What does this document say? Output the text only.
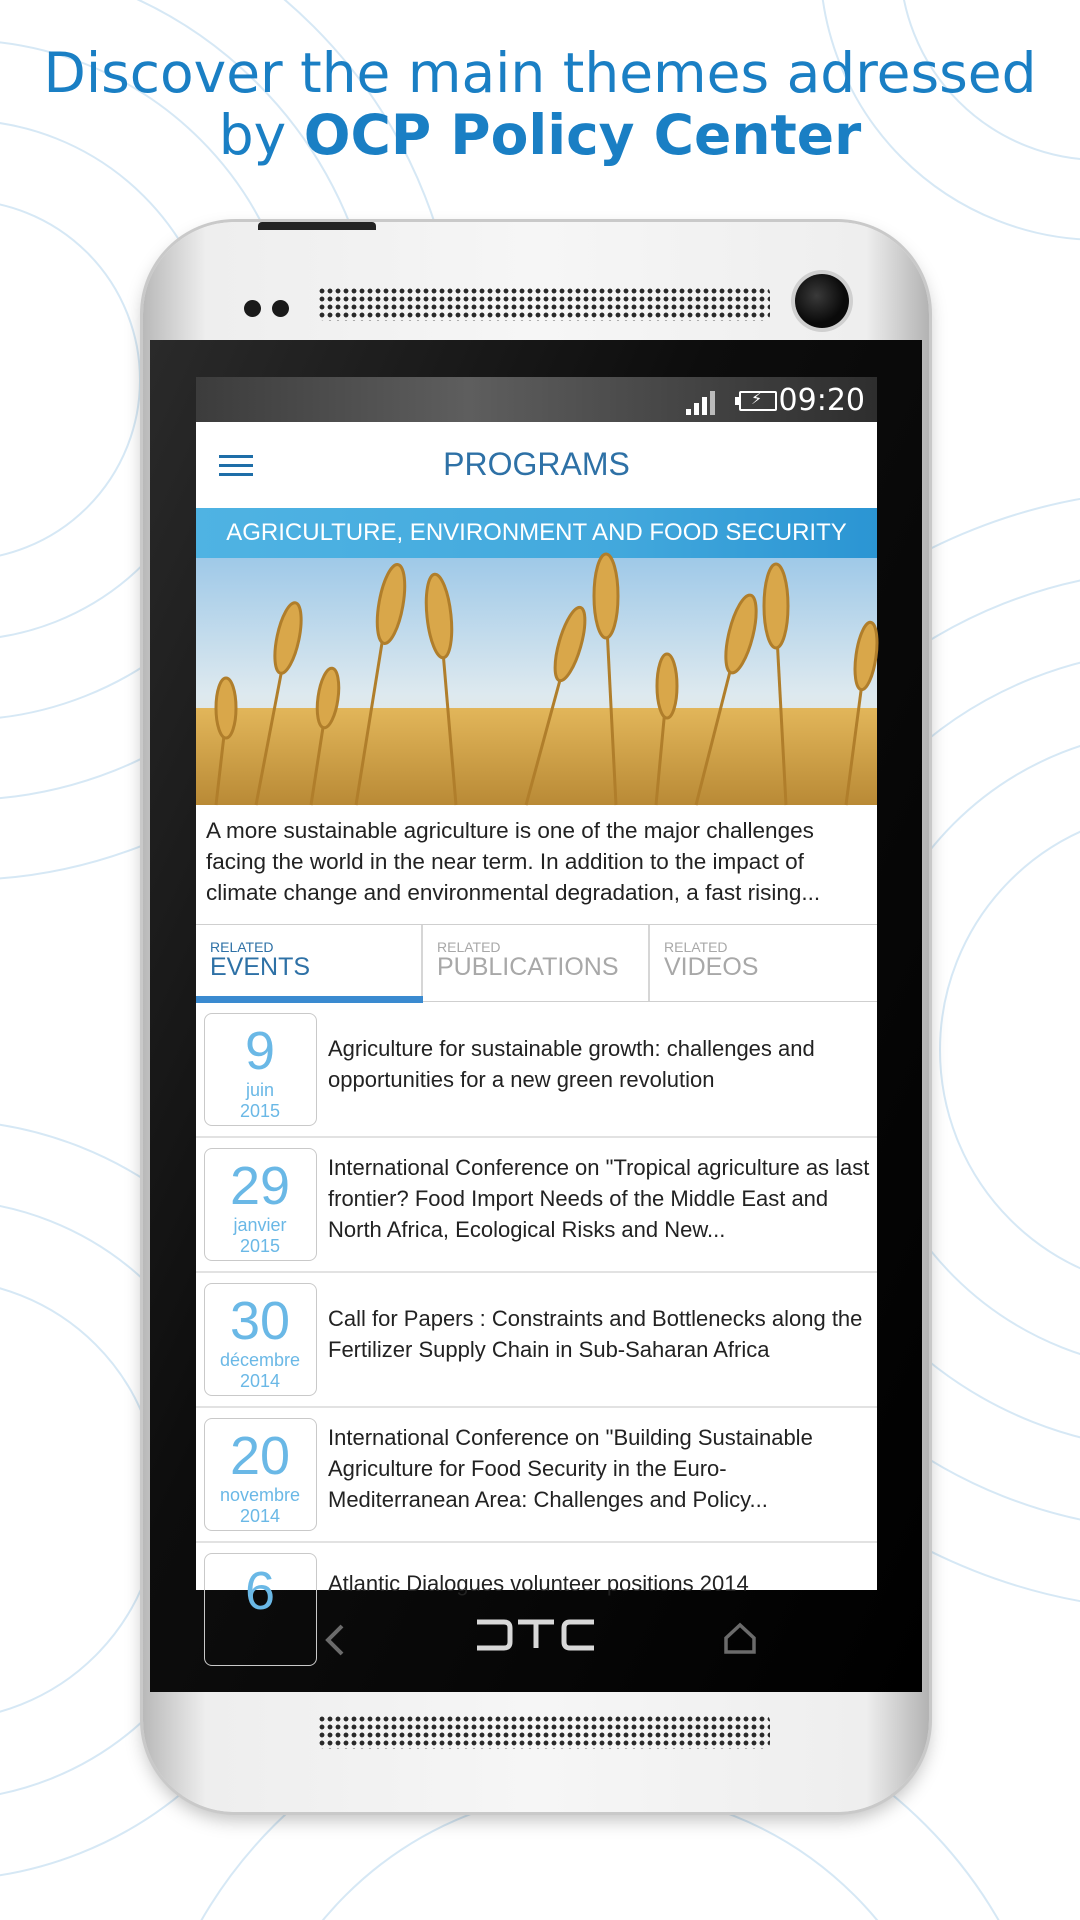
Discover the main themes adressed
by OCP Policy Center
⚡ 09:20
PROGRAMS
AGRICULTURE, ENVIRONMENT AND FOOD SECURITY
A more sustainable agriculture is one of the major challenges facing the world in the near term. In addition to the impact of climate change and environmental degradation, a fast rising...
RELATED
EVENTS
RELATED
PUBLICATIONS
RELATED
VIDEOS
9
juin
2015
Agriculture for sustainable growth: challenges and opportunities for a new green revolution
29
janvier
2015
International Conference on "Tropical agriculture as last frontier? Food Import Needs of the Middle East and North Africa, Ecological Risks and New...
30
décembre
2014
Call for Papers : Constraints and Bottlenecks along the Fertilizer Supply Chain in Sub-Saharan Africa
20
novembre
2014
International Conference on "Building Sustainable Agriculture for Food Security in the Euro-Mediterranean Area: Challenges and Policy...
6	Atlantic Dialogues volunteer positions 2014
